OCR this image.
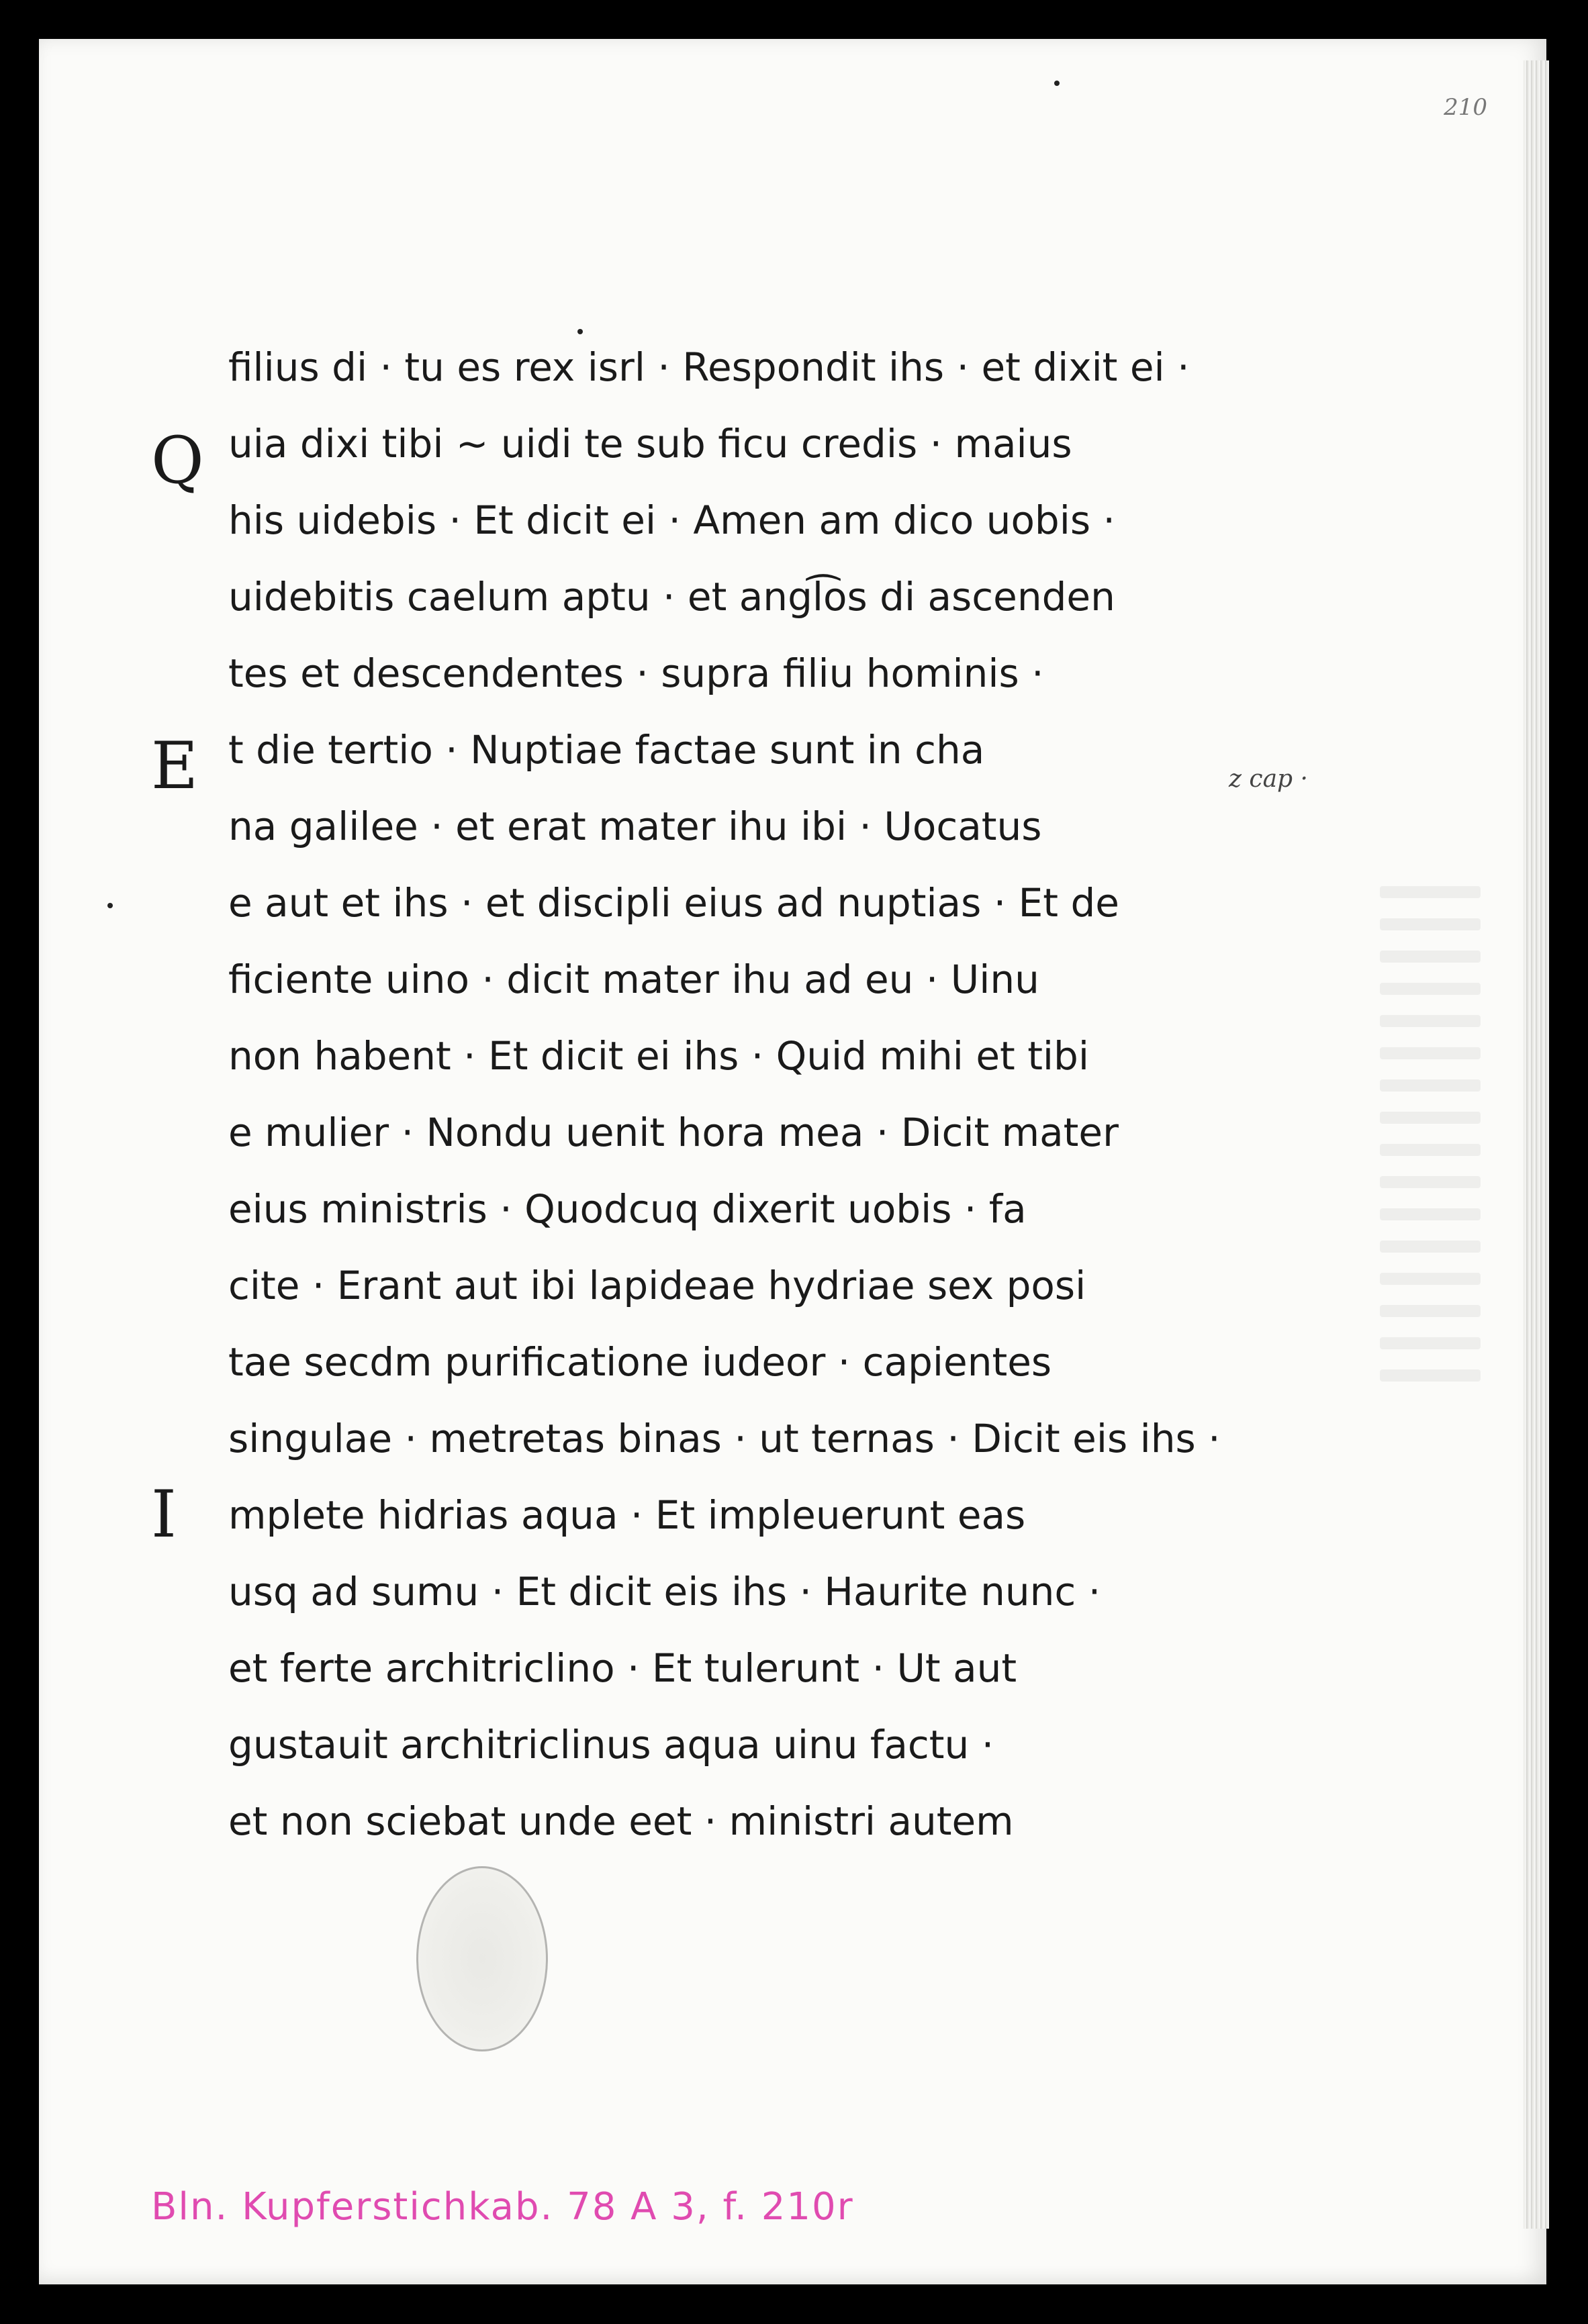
210
Q
E
I
filius di · tu es rex isrl · Respondit ihs · et dixit ei ·
uia dixi tibi ~ uidi te sub ficu credis · maius
his uidebis · Et dicit ei · Amen am dico uobis ·
uidebitis caelum aptu · et angl͡os di ascenden
tes et descendentes · supra filiu hominis ·
t die tertio · Nuptiae factae sunt in cha
na galilee · et erat mater ihu ibi · Uocatus
e aut et ihs · et discipli eius ad nuptias · Et de
ficiente uino · dicit mater ihu ad eu · Uinu
non habent · Et dicit ei ihs · Quid mihi et tibi
e mulier · Nondu uenit hora mea · Dicit mater
eius ministris · Quodcuq dixerit uobis · fa
cite · Erant aut ibi lapideae hydriae sex posi
tae secdm purificatione iudeor · capientes
singulae · metretas binas · ut ternas · Dicit eis ihs ·
mplete hidrias aqua · Et impleuerunt eas
usq ad sumu · Et dicit eis ihs · Haurite nunc ·
et ferte architriclino · Et tulerunt · Ut aut
gustauit architriclinus aqua uinu factu ·
et non sciebat unde eet · ministri autem
z cap ·
Bln. Kupferstichkab. 78 A 3, f. 210r
